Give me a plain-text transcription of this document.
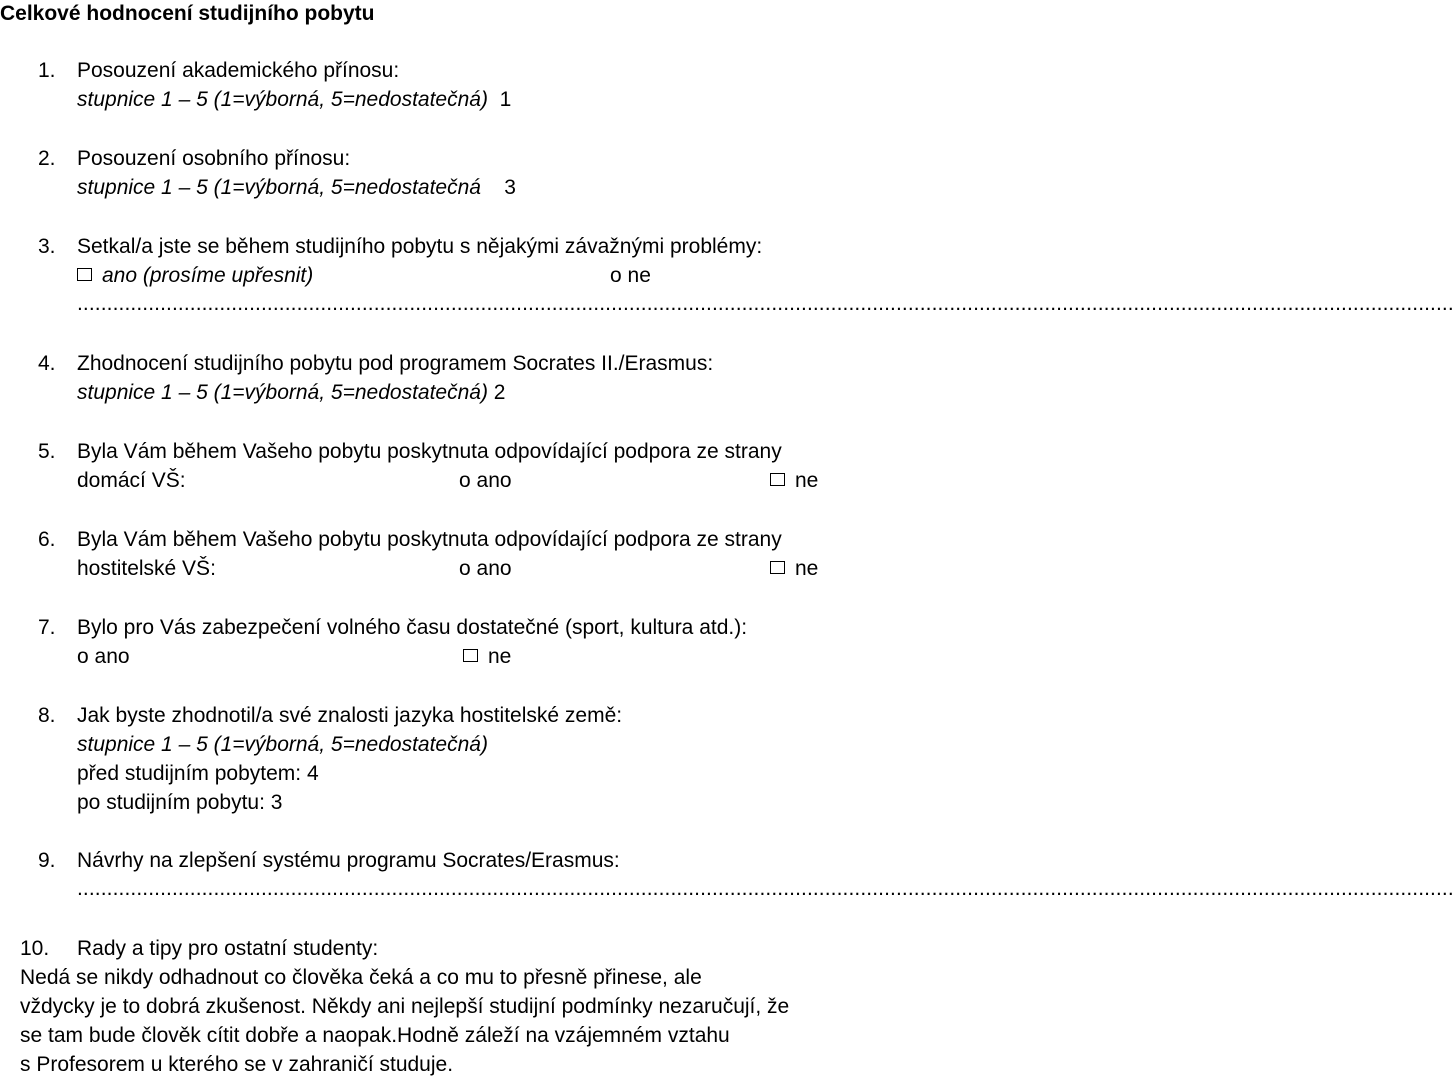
Celkové hodnocení studijního pobytu
1. Posouzení akademického přínosu:
stupnice 1 – 5 (1=výborná, 5=nedostatečná) 1
2. Posouzení osobního přínosu:
stupnice 1 – 5 (1=výborná, 5=nedostatečná 3
3. Setkal/a jste se během studijního pobytu s nějakými závažnými problémy:
ano (prosíme upřesnit)	o ne
........................................................................................................................................................................................................................................
4. Zhodnocení studijního pobytu pod programem Socrates II./Erasmus:
stupnice 1 – 5 (1=výborná, 5=nedostatečná) 2
5. Byla Vám během Vašeho pobytu poskytnuta odpovídající podpora ze strany
domácí VŠ:	o ano	ne
6. Byla Vám během Vašeho pobytu poskytnuta odpovídající podpora ze strany
hostitelské VŠ:	o ano	ne
7. Bylo pro Vás zabezpečení volného času dostatečné (sport, kultura atd.):
o ano	ne
8. Jak byste zhodnotil/a své znalosti jazyka hostitelské země:
stupnice 1 – 5 (1=výborná, 5=nedostatečná)
před studijním pobytem: 4
po studijním pobytu: 3
9. Návrhy na zlepšení systému programu Socrates/Erasmus:
........................................................................................................................................................................................................................................
10. Rady a tipy pro ostatní studenty:
Nedá se nikdy odhadnout co člověka čeká a co mu to přesně přinese, ale
vždycky je to dobrá zkušenost. Někdy ani nejlepší studijní podmínky nezaručují, že
se tam bude člověk cítit dobře a naopak.Hodně záleží na vzájemném vztahu
s Profesorem u kterého se v zahraničí studuje.
